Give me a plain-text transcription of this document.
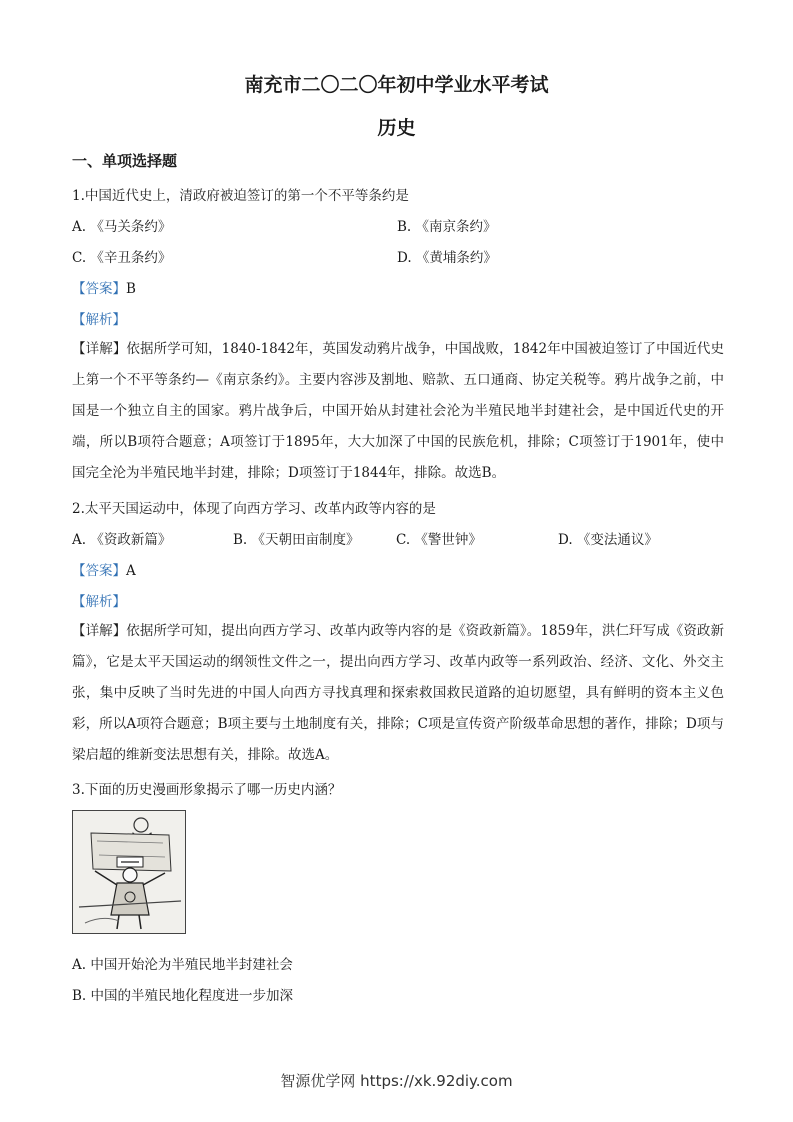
南充市二〇二〇年初中学业水平考试
历史
一、单项选择题
1.中国近代史上，清政府被迫签订的第一个不平等条约是
A. 《马关条约》	B. 《南京条约》
C. 《辛丑条约》	D. 《黄埔条约》
【答案】B
【解析】
【详解】依据所学可知，1840-1842年，英国发动鸦片战争，中国战败，1842年中国被迫签订了中国近代史上第一个不平等条约—《南京条约》。主要内容涉及割地、赔款、五口通商、协定关税等。鸦片战争之前，中国是一个独立自主的国家。鸦片战争后，中国开始从封建社会沦为半殖民地半封建社会，是中国近代史的开端，所以B项符合题意；A项签订于1895年，大大加深了中国的民族危机，排除；C项签订于1901年，使中国完全沦为半殖民地半封建，排除；D项签订于1844年，排除。故选B。
2.太平天国运动中，体现了向西方学习、改革内政等内容的是
A. 《资政新篇》	B. 《天朝田亩制度》	C. 《警世钟》	D. 《变法通议》
【答案】A
【解析】
【详解】依据所学可知，提出向西方学习、改革内政等内容的是《资政新篇》。1859年，洪仁玕写成《资政新篇》，它是太平天国运动的纲领性文件之一，提出向西方学习、改革内政等一系列政治、经济、文化、外交主张，集中反映了当时先进的中国人向西方寻找真理和探索救国救民道路的迫切愿望，具有鲜明的资本主义色彩，所以A项符合题意；B项主要与土地制度有关，排除；C项是宣传资产阶级革命思想的著作，排除；D项与梁启超的维新变法思想有关，排除。故选A。
3.下面的历史漫画形象揭示了哪一历史内涵？
A. 中国开始沦为半殖民地半封建社会
B. 中国的半殖民地化程度进一步加深
智源优学网 https://xk.92diy.com
